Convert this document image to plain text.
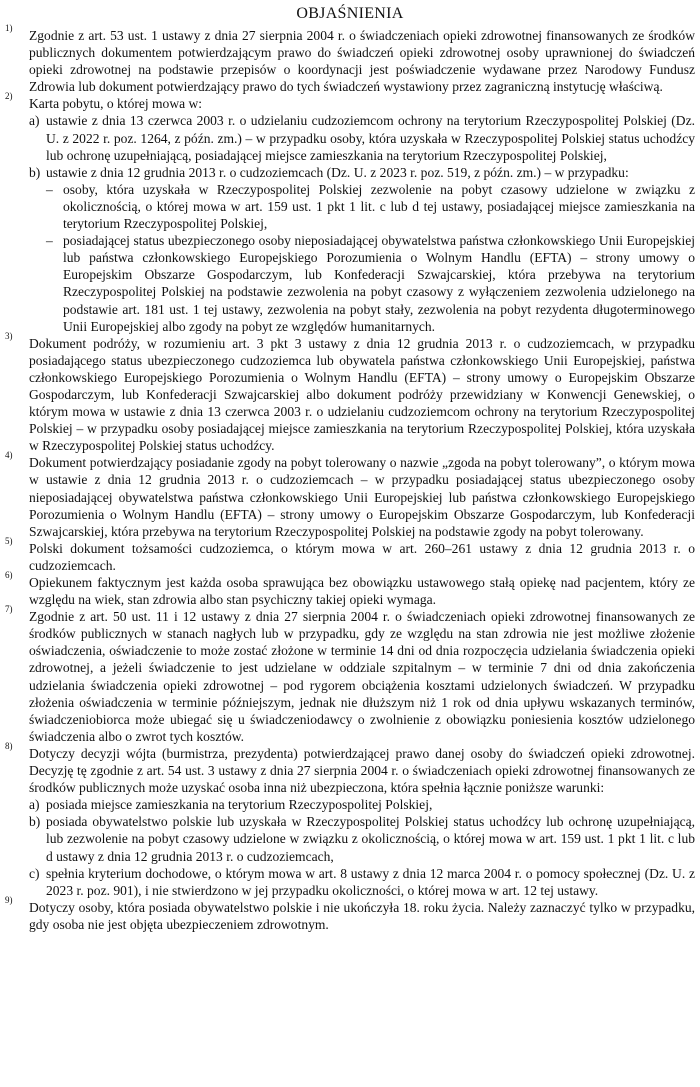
OBJAŚNIENIA
1) Zgodnie z art. 53 ust. 1 ustawy z dnia 27 sierpnia 2004 r. o świadczeniach opieki zdrowotnej finansowanych ze środków publicznych dokumentem potwierdzającym prawo do świadczeń opieki zdrowotnej osoby uprawnionej do świadczeń opieki zdrowotnej na podstawie przepisów o koordynacji jest poświadczenie wydawane przez Narodowy Fundusz Zdrowia lub dokument potwierdzający prawo do tych świadczeń wystawiony przez zagraniczną instytucję właściwą.

2) Karta pobytu, o której mowa w:

a) ustawie z dnia 13 czerwca 2003 r. o udzielaniu cudzoziemcom ochrony na terytorium Rzeczypospolitej Polskiej (Dz. U. z 2022 r. poz. 1264, z późn. zm.) – w przypadku osoby, która uzyskała w Rzeczypospolitej Polskiej status uchodźcy lub ochronę uzupełniającą, posiadającej miejsce zamieszkania na terytorium Rzeczypospolitej Polskiej,
b) ustawie z dnia 12 grudnia 2013 r. o cudzoziemcach (Dz. U. z 2023 r. poz. 519, z późn. zm.) – w przypadku:
– osoby, która uzyskała w Rzeczypospolitej Polskiej zezwolenie na pobyt czasowy udzielone w związku z okolicznością, o której mowa w art. 159 ust. 1 pkt 1 lit. c lub d tej ustawy, posiadającej miejsce zamieszkania na terytorium Rzeczypospolitej Polskiej,
– posiadającej status ubezpieczonego osoby nieposiadającej obywatelstwa państwa członkowskiego Unii Europejskiej lub państwa członkowskiego Europejskiego Porozumienia o Wolnym Handlu (EFTA) – strony umowy o Europejskim Obszarze Gospodarczym, lub Konfederacji Szwajcarskiej, która przebywa na terytorium Rzeczypospolitej Polskiej na podstawie zezwolenia na pobyt czasowy z wyłączeniem zezwolenia udzielonego na podstawie art. 181 ust. 1 tej ustawy, zezwolenia na pobyt stały, zezwolenia na pobyt rezydenta długoterminowego Unii Europejskiej albo zgody na pobyt ze względów humanitarnych.
3) Dokument podróży, w rozumieniu art. 3 pkt 3 ustawy z dnia 12 grudnia 2013 r. o cudzoziemcach, w przypadku posiadającego status ubezpieczonego cudzoziemca lub obywatela państwa członkowskiego Unii Europejskiej, państwa członkowskiego Europejskiego Porozumienia o Wolnym Handlu (EFTA) – strony umowy o Europejskim Obszarze Gospodarczym, lub Konfederacji Szwajcarskiej albo dokument podróży przewidziany w Konwencji Genewskiej, o którym mowa w ustawie z dnia 13 czerwca 2003 r. o udzielaniu cudzoziemcom ochrony na terytorium Rzeczypospolitej Polskiej – w przypadku osoby posiadającej miejsce zamieszkania na terytorium Rzeczypospolitej Polskiej, która uzyskała w Rzeczypospolitej Polskiej status uchodźcy.

4) Dokument potwierdzający posiadanie zgody na pobyt tolerowany o nazwie „zgoda na pobyt tolerowany”, o którym mowa w ustawie z dnia 12 grudnia 2013 r. o cudzoziemcach – w przypadku posiadającej status ubezpieczonego osoby nieposiadającej obywatelstwa państwa członkowskiego Unii Europejskiej lub państwa członkowskiego Europejskiego Porozumienia o Wolnym Handlu (EFTA) – strony umowy o Europejskim Obszarze Gospodarczym, lub Konfederacji Szwajcarskiej, która przebywa na terytorium Rzeczypospolitej Polskiej na podstawie zgody na pobyt tolerowany.

5) Polski dokument tożsamości cudzoziemca, o którym mowa w art. 260–261 ustawy z dnia 12 grudnia 2013 r. o cudzoziemcach.

6) Opiekunem faktycznym jest każda osoba sprawująca bez obowiązku ustawowego stałą opiekę nad pacjentem, który ze względu na wiek, stan zdrowia albo stan psychiczny takiej opieki wymaga.

7) Zgodnie z art. 50 ust. 11 i 12 ustawy z dnia 27 sierpnia 2004 r. o świadczeniach opieki zdrowotnej finansowanych ze środków publicznych w stanach nagłych lub w przypadku, gdy ze względu na stan zdrowia nie jest możliwe złożenie oświadczenia, oświadczenie to może zostać złożone w terminie 14 dni od dnia rozpoczęcia udzielania świadczenia opieki zdrowotnej, a jeżeli świadczenie to jest udzielane w oddziale szpitalnym – w terminie 7 dni od dnia zakończenia udzielania świadczenia opieki zdrowotnej – pod rygorem obciążenia kosztami udzielonych świadczeń. W przypadku złożenia oświadczenia w terminie późniejszym, jednak nie dłuższym niż 1 rok od dnia upływu wskazanych terminów, świadczeniobiorca może ubiegać się u świadczeniodawcy o zwolnienie z obowiązku poniesienia kosztów udzielonego świadczenia albo o zwrot tych kosztów.

8) Dotyczy decyzji wójta (burmistrza, prezydenta) potwierdzającej prawo danej osoby do świadczeń opieki zdrowotnej. Decyzję tę zgodnie z art. 54 ust. 3 ustawy z dnia 27 sierpnia 2004 r. o świadczeniach opieki zdrowotnej finansowanych ze środków publicznych może uzyskać osoba inna niż ubezpieczona, która spełnia łącznie poniższe warunki:

a) posiada miejsce zamieszkania na terytorium Rzeczypospolitej Polskiej,
b) posiada obywatelstwo polskie lub uzyskała w Rzeczypospolitej Polskiej status uchodźcy lub ochronę uzupełniającą, lub zezwolenie na pobyt czasowy udzielone w związku z okolicznością, o której mowa w art. 159 ust. 1 pkt 1 lit. c lub d ustawy z dnia 12 grudnia 2013 r. o cudzoziemcach,
c) spełnia kryterium dochodowe, o którym mowa w art. 8 ustawy z dnia 12 marca 2004 r. o pomocy społecznej (Dz. U. z 2023 r. poz. 901), i nie stwierdzono w jej przypadku okoliczności, o której mowa w art. 12 tej ustawy.
9) Dotyczy osoby, która posiada obywatelstwo polskie i nie ukończyła 18. roku życia. Należy zaznaczyć tylko w przypadku, gdy osoba nie jest objęta ubezpieczeniem zdrowotnym.
